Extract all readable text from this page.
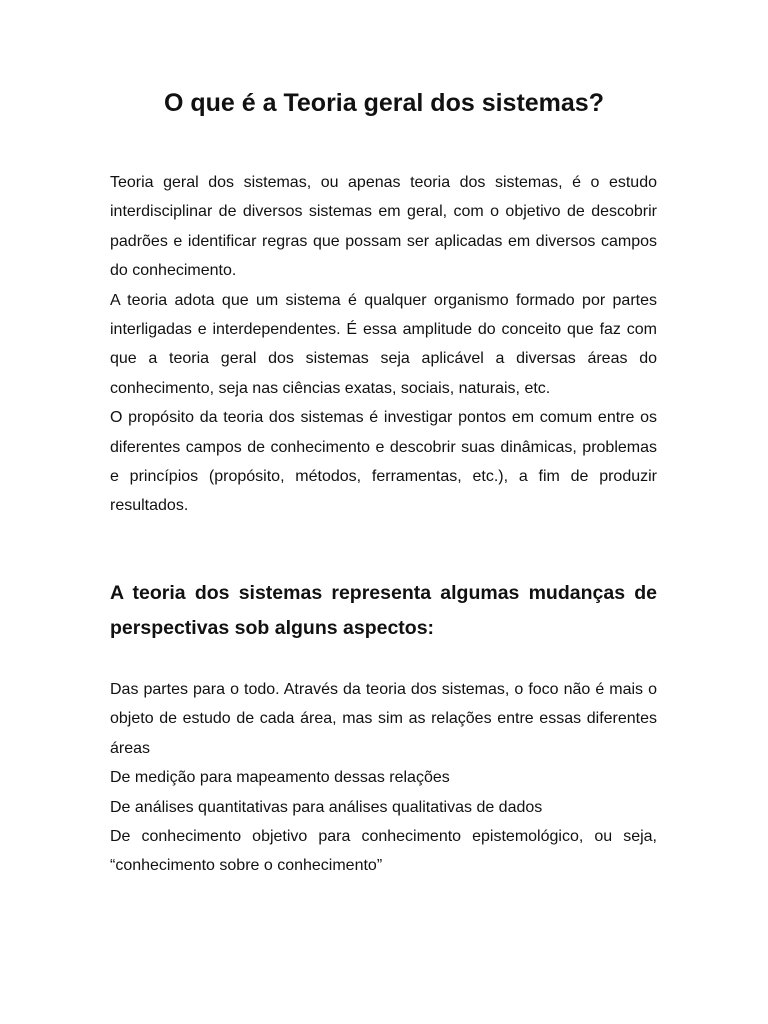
O que é a Teoria geral dos sistemas?

Teoria geral dos sistemas, ou apenas teoria dos sistemas, é o estudo interdisciplinar de diversos sistemas em geral, com o objetivo de descobrir padrões e identificar regras que possam ser aplicadas em diversos campos do conhecimento.

A teoria adota que um sistema é qualquer organismo formado por partes interligadas e interdependentes. É essa amplitude do conceito que faz com que a teoria geral dos sistemas seja aplicável a diversas áreas do conhecimento, seja nas ciências exatas, sociais, naturais, etc.

O propósito da teoria dos sistemas é investigar pontos em comum entre os diferentes campos de conhecimento e descobrir suas dinâmicas, problemas e princípios (propósito, métodos, ferramentas, etc.), a fim de produzir resultados.

A teoria dos sistemas representa algumas mudanças de perspectivas sob alguns aspectos:

Das partes para o todo. Através da teoria dos sistemas, o foco não é mais o objeto de estudo de cada área, mas sim as relações entre essas diferentes áreas

De medição para mapeamento dessas relações

De análises quantitativas para análises qualitativas de dados

De conhecimento objetivo para conhecimento epistemológico, ou seja, “conhecimento sobre o conhecimento”
